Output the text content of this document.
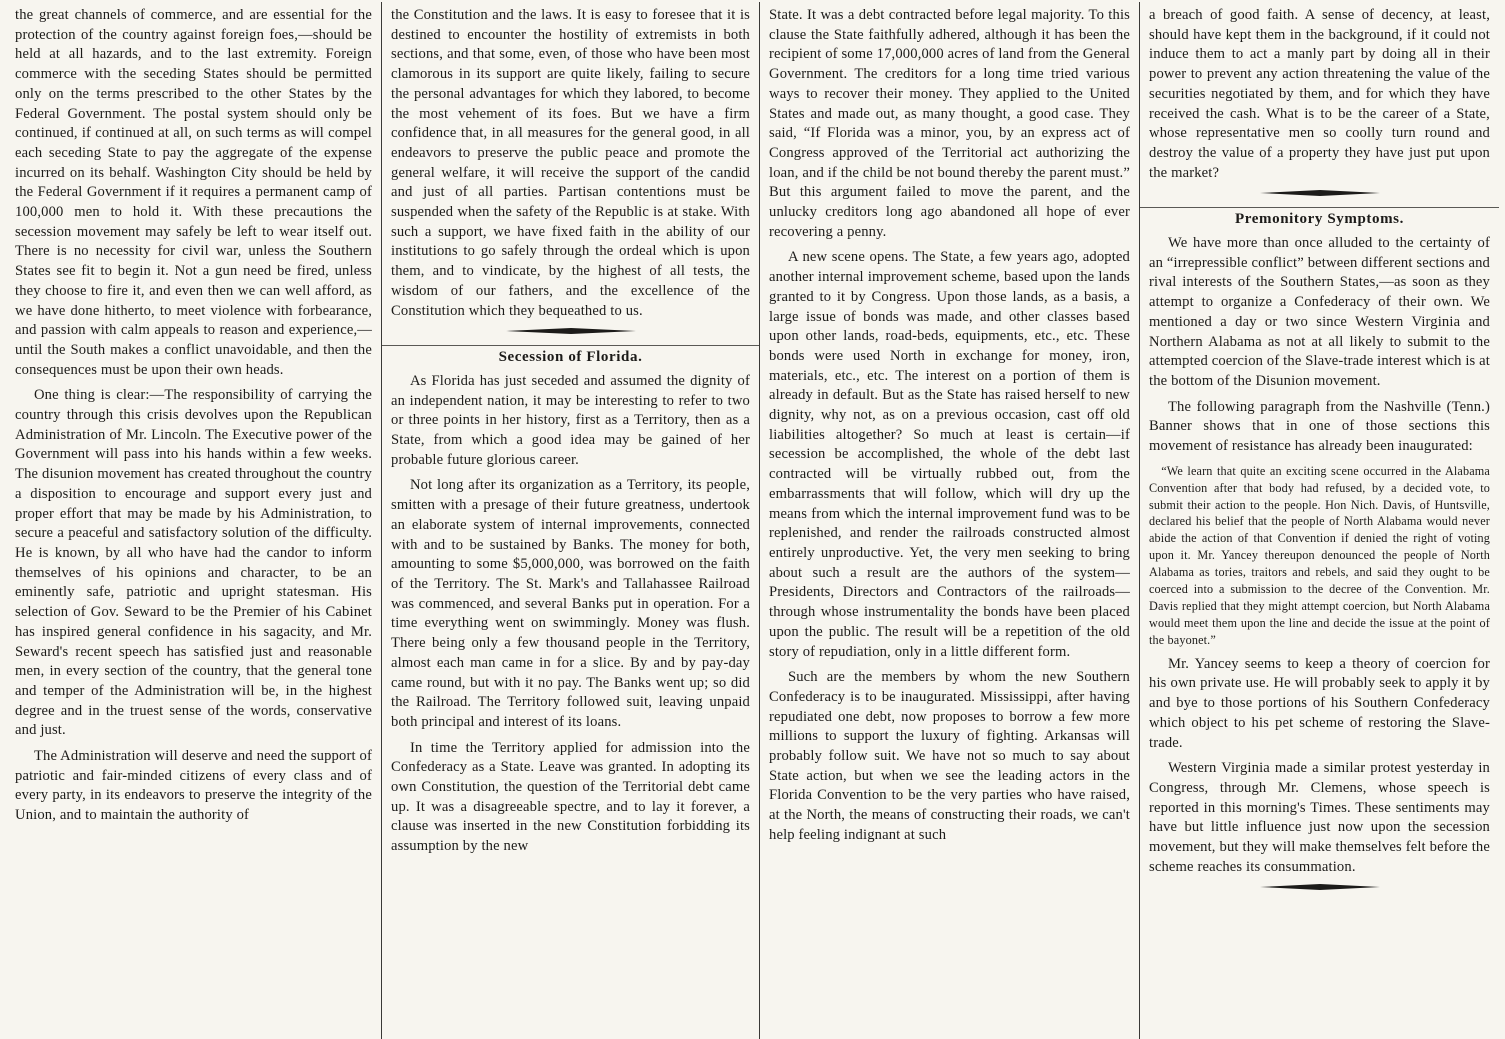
the great channels of commerce, and are essential for the protection of the country against foreign foes,—should be held at all hazards, and to the last extremity. Foreign commerce with the seceding States should be permitted only on the terms prescribed to the other States by the Federal Government. The postal system should only be continued, if continued at all, on such terms as will compel each seceding State to pay the aggregate of the expense incurred on its behalf. Washington City should be held by the Federal Government if it requires a permanent camp of 100,000 men to hold it. With these precautions the secession movement may safely be left to wear itself out. There is no necessity for civil war, unless the Southern States see fit to begin it. Not a gun need be fired, unless they choose to fire it, and even then we can well afford, as we have done hitherto, to meet violence with forbearance, and passion with calm appeals to reason and experience,—until the South makes a conflict unavoidable, and then the consequences must be upon their own heads.

One thing is clear:—The responsibility of carrying the country through this crisis devolves upon the Republican Administration of Mr. Lincoln. The Executive power of the Government will pass into his hands within a few weeks. The disunion movement has created throughout the country a disposition to encourage and support every just and proper effort that may be made by his Administration, to secure a peaceful and satisfactory solution of the difficulty. He is known, by all who have had the candor to inform themselves of his opinions and character, to be an eminently safe, patriotic and upright statesman. His selection of Gov. Seward to be the Premier of his Cabinet has inspired general confidence in his sagacity, and Mr. Seward's recent speech has satisfied just and reasonable men, in every section of the country, that the general tone and temper of the Administration will be, in the highest degree and in the truest sense of the words, conservative and just.

The Administration will deserve and need the support of patriotic and fair-minded citizens of every class and of every party, in its endeavors to preserve the integrity of the Union, and to maintain the authority of

the Constitution and the laws. It is easy to foresee that it is destined to encounter the hostility of extremists in both sections, and that some, even, of those who have been most clamorous in its support are quite likely, failing to secure the personal advantages for which they labored, to become the most vehement of its foes. But we have a firm confidence that, in all measures for the general good, in all endeavors to preserve the public peace and promote the general welfare, it will receive the support of the candid and just of all parties. Partisan contentions must be suspended when the safety of the Republic is at stake. With such a support, we have fixed faith in the ability of our institutions to go safely through the ordeal which is upon them, and to vindicate, by the highest of all tests, the wisdom of our fathers, and the excellence of the Constitution which they bequeathed to us.

Secession of Florida.

As Florida has just seceded and assumed the dignity of an independent nation, it may be interesting to refer to two or three points in her history, first as a Territory, then as a State, from which a good idea may be gained of her probable future glorious career.

Not long after its organization as a Territory, its people, smitten with a presage of their future greatness, undertook an elaborate system of internal improvements, connected with and to be sustained by Banks. The money for both, amounting to some $5,000,000, was borrowed on the faith of the Territory. The St. Mark's and Tallahassee Railroad was commenced, and several Banks put in operation. For a time everything went on swimmingly. Money was flush. There being only a few thousand people in the Territory, almost each man came in for a slice. By and by pay-day came round, but with it no pay. The Banks went up; so did the Railroad. The Territory followed suit, leaving unpaid both principal and interest of its loans.

In time the Territory applied for admission into the Confederacy as a State. Leave was granted. In adopting its own Constitution, the question of the Territorial debt came up. It was a disagreeable spectre, and to lay it forever, a clause was inserted in the new Constitution forbidding its assumption by the new

State. It was a debt contracted before legal majority. To this clause the State faithfully adhered, although it has been the recipient of some 17,000,000 acres of land from the General Government. The creditors for a long time tried various ways to recover their money. They applied to the United States and made out, as many thought, a good case. They said, “If Florida was a minor, you, by an express act of Congress approved of the Territorial act authorizing the loan, and if the child be not bound thereby the parent must.” But this argument failed to move the parent, and the unlucky creditors long ago abandoned all hope of ever recovering a penny.

A new scene opens. The State, a few years ago, adopted another internal improvement scheme, based upon the lands granted to it by Congress. Upon those lands, as a basis, a large issue of bonds was made, and other classes based upon other lands, road-beds, equipments, etc., etc. These bonds were used North in exchange for money, iron, materials, etc., etc. The interest on a portion of them is already in default. But as the State has raised herself to new dignity, why not, as on a previous occasion, cast off old liabilities altogether? So much at least is certain—if secession be accomplished, the whole of the debt last contracted will be virtually rubbed out, from the embarrassments that will follow, which will dry up the means from which the internal improvement fund was to be replenished, and render the railroads constructed almost entirely unproductive. Yet, the very men seeking to bring about such a result are the authors of the system—Presidents, Directors and Contractors of the railroads—through whose instrumentality the bonds have been placed upon the public. The result will be a repetition of the old story of repudiation, only in a little different form.

Such are the members by whom the new Southern Confederacy is to be inaugurated. Mississippi, after having repudiated one debt, now proposes to borrow a few more millions to support the luxury of fighting. Arkansas will probably follow suit. We have not so much to say about State action, but when we see the leading actors in the Florida Convention to be the very parties who have raised, at the North, the means of constructing their roads, we can't help feeling indignant at such

a breach of good faith. A sense of decency, at least, should have kept them in the background, if it could not induce them to act a manly part by doing all in their power to prevent any action threatening the value of the securities negotiated by them, and for which they have received the cash. What is to be the career of a State, whose representative men so coolly turn round and destroy the value of a property they have just put upon the market?

Premonitory Symptoms.

We have more than once alluded to the certainty of an “irrepressible conflict” between different sections and rival interests of the Southern States,—as soon as they attempt to organize a Confederacy of their own. We mentioned a day or two since Western Virginia and Northern Alabama as not at all likely to submit to the attempted coercion of the Slave-trade interest which is at the bottom of the Disunion movement.

The following paragraph from the Nashville (Tenn.) Banner shows that in one of those sections this movement of resistance has already been inaugurated:

“We learn that quite an exciting scene occurred in the Alabama Convention after that body had refused, by a decided vote, to submit their action to the people. Hon Nich. Davis, of Huntsville, declared his belief that the people of North Alabama would never abide the action of that Convention if denied the right of voting upon it. Mr. Yancey thereupon denounced the people of North Alabama as tories, traitors and rebels, and said they ought to be coerced into a submission to the decree of the Convention. Mr. Davis replied that they might attempt coercion, but North Alabama would meet them upon the line and decide the issue at the point of the bayonet.”

Mr. Yancey seems to keep a theory of coercion for his own private use. He will probably seek to apply it by and bye to those portions of his Southern Confederacy which object to his pet scheme of restoring the Slave-trade.

Western Virginia made a similar protest yesterday in Congress, through Mr. Clemens, whose speech is reported in this morning's Times. These sentiments may have but little influence just now upon the secession movement, but they will make themselves felt before the scheme reaches its consummation.
